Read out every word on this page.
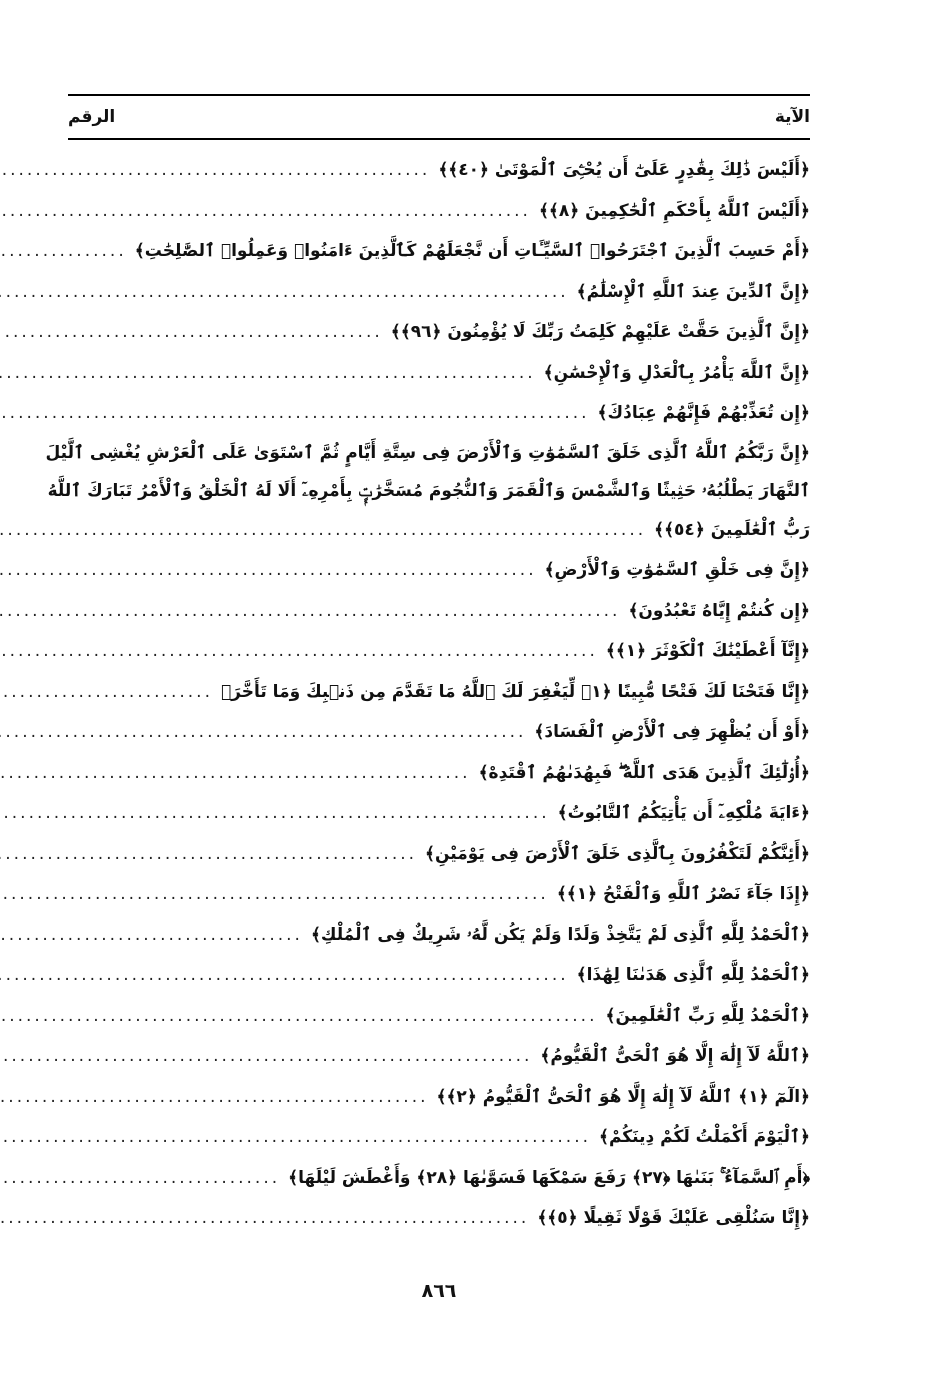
الآية
الرقم
﴿أَلَيْسَ ذَٰلِكَ بِقَٰدِرٍ عَلَىٰٓ أَن يُحْـِۧىَ ٱلْمَوْتَىٰ ﴿٤٠﴾﴾
.....
﴿أَلَيْسَ ٱللَّهُ بِأَحْكَمِ ٱلْحَٰكِمِينَ ﴿٨﴾﴾
.....
﴿أَمْ حَسِبَ ٱلَّذِينَ ٱجْتَرَحُوا۟ ٱلسَّيِّـَٔاتِ أَن نَّجْعَلَهُمْ كَٱلَّذِينَ ءَامَنُوا۟ وَعَمِلُوا۟ ٱلصَّٰلِحَٰتِ﴾
.....
﴿إِنَّ ٱلدِّينَ عِندَ ٱللَّهِ ٱلْإِسْلَٰمُ﴾
.....
﴿إِنَّ ٱلَّذِينَ حَقَّتْ عَلَيْهِمْ كَلِمَتُ رَبِّكَ لَا يُؤْمِنُونَ ﴿٩٦﴾﴾
.....
﴿إِنَّ ٱللَّهَ يَأْمُرُ بِٱلْعَدْلِ وَٱلْإِحْسَٰنِ﴾
.....
﴿إِن تُعَذِّبْهُمْ فَإِنَّهُمْ عِبَادُكَ﴾
.....
﴿إِنَّ رَبَّكُمُ ٱللَّهُ ٱلَّذِى خَلَقَ ٱلسَّمَٰوَٰتِ وَٱلْأَرْضَ فِى سِتَّةِ أَيَّامٍ ثُمَّ ٱسْتَوَىٰ عَلَى ٱلْعَرْشِ يُغْشِى ٱلَّيْلَ
ٱلنَّهَارَ يَطْلُبُهُۥ حَثِيثًا وَٱلشَّمْسَ وَٱلْقَمَرَ وَٱلنُّجُومَ مُسَخَّرَٰتٍۭ بِأَمْرِهِۦٓ أَلَا لَهُ ٱلْخَلْقُ وَٱلْأَمْرُ تَبَارَكَ ٱللَّهُ
رَبُّ ٱلْعَٰلَمِينَ ﴿٥٤﴾﴾
.....
﴿إِنَّ فِى خَلْقِ ٱلسَّمَٰوَٰتِ وَٱلْأَرْضِ﴾
.....
﴿إِن كُنتُمْ إِيَّاهُ تَعْبُدُونَ﴾
.....
﴿إِنَّآ أَعْطَيْنَٰكَ ٱلْكَوْثَرَ ﴿١﴾﴾
.....
﴿إِنَّا فَتَحْنَا لَكَ فَتْحًا مُّبِينًا ﴿١﴾ لِّيَغْفِرَ لَكَ ٱللَّهُ مَا تَقَدَّمَ مِن ذَنۢبِكَ وَمَا تَأَخَّرَ﴾
.....
﴿أَوْ أَن يُظْهِرَ فِى ٱلْأَرْضِ ٱلْفَسَادَ﴾
.....
﴿أُو۟لَٰٓئِكَ ٱلَّذِينَ هَدَى ٱللَّهُ ۖ فَبِهُدَىٰهُمُ ٱقْتَدِهْ﴾
.....
﴿ءَايَةَ مُلْكِهِۦٓ أَن يَأْتِيَكُمُ ٱلتَّابُوتُ﴾
.....
﴿أَئِنَّكُمْ لَتَكْفُرُونَ بِٱلَّذِى خَلَقَ ٱلْأَرْضَ فِى يَوْمَيْنِ﴾
.....
﴿إِذَا جَآءَ نَصْرُ ٱللَّهِ وَٱلْفَتْحُ ﴿١﴾﴾
.....
﴿ٱلْحَمْدُ لِلَّهِ ٱلَّذِى لَمْ يَتَّخِذْ وَلَدًا وَلَمْ يَكُن لَّهُۥ شَرِيكٌ فِى ٱلْمُلْكِ﴾
.....
﴿ٱلْحَمْدُ لِلَّهِ ٱلَّذِى هَدَىٰنَا لِهَٰذَا﴾
.....
﴿ٱلْحَمْدُ لِلَّهِ رَبِّ ٱلْعَٰلَمِينَ﴾
.....
﴿ٱللَّهُ لَآ إِلَٰهَ إِلَّا هُوَ ٱلْحَىُّ ٱلْقَيُّومُ﴾
.....
﴿الٓمٓ ﴿١﴾ ٱللَّهُ لَآ إِلَٰهَ إِلَّا هُوَ ٱلْحَىُّ ٱلْقَيُّومُ ﴿٢﴾﴾
.....
﴿ٱلْيَوْمَ أَكْمَلْتُ لَكُمْ دِينَكُمْ﴾
.....
﴿أَمِ ٱلسَّمَآءُ ۚ بَنَىٰهَا ﴿٢٧﴾ رَفَعَ سَمْكَهَا فَسَوَّىٰهَا ﴿٢٨﴾ وَأَغْطَشَ لَيْلَهَا﴾
.....
﴿إِنَّا سَنُلْقِى عَلَيْكَ قَوْلًا ثَقِيلًا ﴿٥﴾﴾
.....
٨٦٦
